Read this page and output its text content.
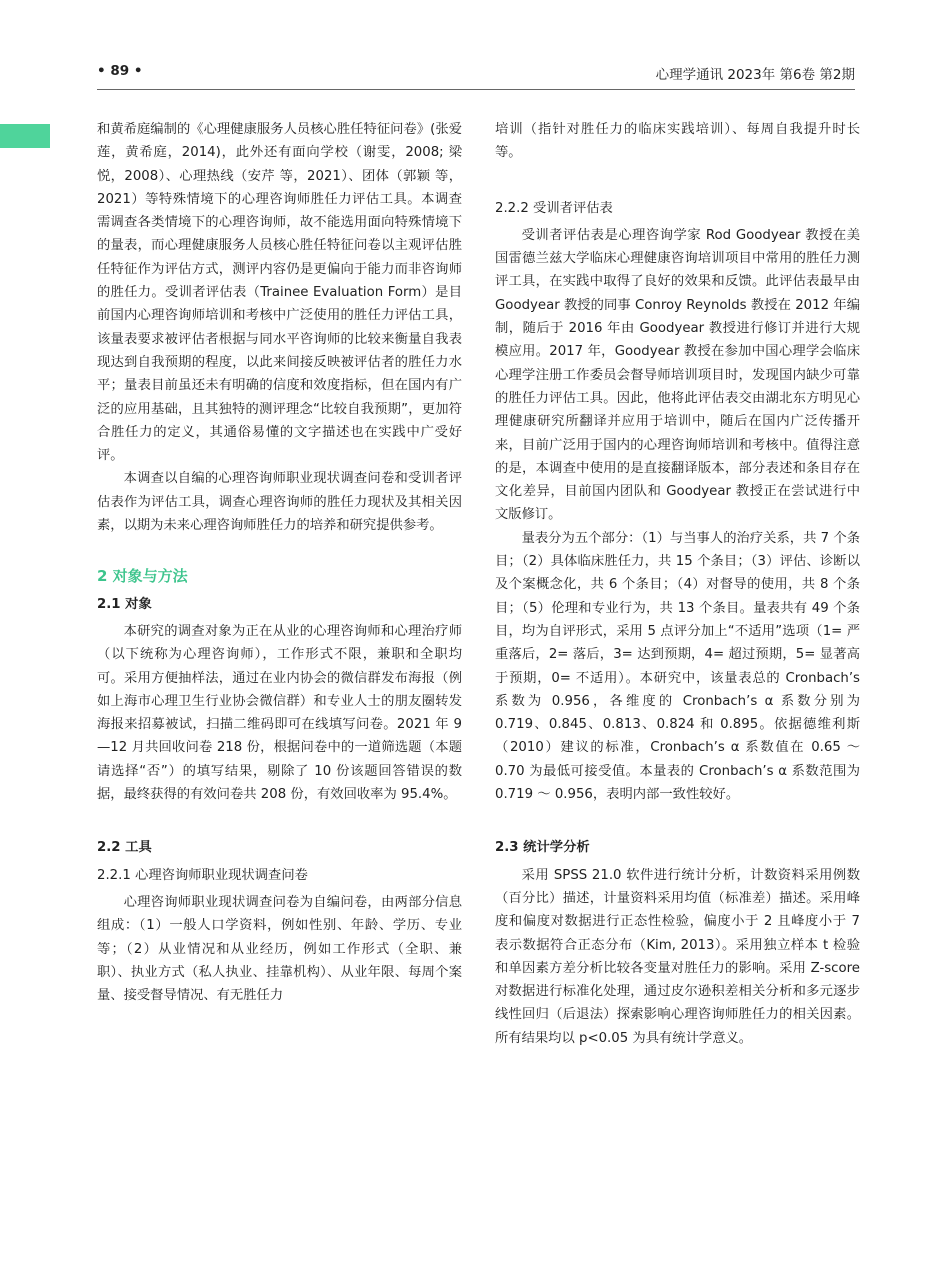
• 89 •	心理学通讯 2023年 第6卷 第2期

和黄希庭编制的《心理健康服务人员核心胜任特征问卷》(张爱莲，黄希庭，2014)，此外还有面向学校（谢雯，2008; 梁悦，2008）、心理热线（安芹 等，2021）、团体（郭颖 等，2021）等特殊情境下的心理咨询师胜任力评估工具。本调查需调查各类情境下的心理咨询师，故不能选用面向特殊情境下的量表，而心理健康服务人员核心胜任特征问卷以主观评估胜任特征作为评估方式，测评内容仍是更偏向于能力而非咨询师的胜任力。受训者评估表（Trainee Evaluation Form）是目前国内心理咨询师培训和考核中广泛使用的胜任力评估工具，该量表要求被评估者根据与同水平咨询师的比较来衡量自我表现达到自我预期的程度，以此来间接反映被评估者的胜任力水平；量表目前虽还未有明确的信度和效度指标，但在国内有广泛的应用基础，且其独特的测评理念“比较自我预期”，更加符合胜任力的定义，其通俗易懂的文字描述也在实践中广受好评。

本调查以自编的心理咨询师职业现状调查问卷和受训者评估表作为评估工具，调查心理咨询师的胜任力现状及其相关因素，以期为未来心理咨询师胜任力的培养和研究提供参考。

2 对象与方法
2.1 对象

本研究的调查对象为正在从业的心理咨询师和心理治疗师（以下统称为心理咨询师），工作形式不限，兼职和全职均可。采用方便抽样法，通过在业内协会的微信群发布海报（例如上海市心理卫生行业协会微信群）和专业人士的朋友圈转发海报来招募被试，扫描二维码即可在线填写问卷。2021 年 9—12 月共回收问卷 218 份，根据问卷中的一道筛选题（本题请选择“否”）的填写结果，剔除了 10 份该题回答错误的数据，最终获得的有效问卷共 208 份，有效回收率为 95.4%。

2.2 工具
2.2.1 心理咨询师职业现状调查问卷

心理咨询师职业现状调查问卷为自编问卷，由两部分信息组成：（1）一般人口学资料，例如性别、年龄、学历、专业等；（2）从业情况和从业经历，例如工作形式（全职、兼职）、执业方式（私人执业、挂靠机构）、从业年限、每周个案量、接受督导情况、有无胜任力

培训（指针对胜任力的临床实践培训）、每周自我提升时长等。

2.2.2 受训者评估表

受训者评估表是心理咨询学家 Rod Goodyear 教授在美国雷德兰兹大学临床心理健康咨询培训项目中常用的胜任力测评工具，在实践中取得了良好的效果和反馈。此评估表最早由 Goodyear 教授的同事 Conroy Reynolds 教授在 2012 年编制，随后于 2016 年由 Goodyear 教授进行修订并进行大规模应用。2017 年，Goodyear 教授在参加中国心理学会临床心理学注册工作委员会督导师培训项目时，发现国内缺少可靠的胜任力评估工具。因此，他将此评估表交由湖北东方明见心理健康研究所翻译并应用于培训中，随后在国内广泛传播开来，目前广泛用于国内的心理咨询师培训和考核中。值得注意的是，本调查中使用的是直接翻译版本，部分表述和条目存在文化差异，目前国内团队和 Goodyear 教授正在尝试进行中文版修订。

量表分为五个部分：（1）与当事人的治疗关系，共 7 个条目；（2）具体临床胜任力，共 15 个条目；（3）评估、诊断以及个案概念化，共 6 个条目；（4）对督导的使用，共 8 个条目；（5）伦理和专业行为，共 13 个条目。量表共有 49 个条目，均为自评形式，采用 5 点评分加上“不适用”选项（1= 严重落后，2= 落后，3= 达到预期，4= 超过预期，5= 显著高于预期，0= 不适用）。本研究中，该量表总的 Cronbach’s 系数为 0.956，各维度的 Cronbach’s α 系数分别为 0.719、0.845、0.813、0.824 和 0.895。依据德维利斯（2010）建议的标准，Cronbach’s α 系数值在 0.65 ～ 0.70 为最低可接受值。本量表的 Cronbach’s α 系数范围为 0.719 ～ 0.956，表明内部一致性较好。

2.3 统计学分析

采用 SPSS 21.0 软件进行统计分析，计数资料采用例数（百分比）描述，计量资料采用均值（标准差）描述。采用峰度和偏度对数据进行正态性检验，偏度小于 2 且峰度小于 7 表示数据符合正态分布（Kim, 2013）。采用独立样本 t 检验和单因素方差分析比较各变量对胜任力的影响。采用 Z-score 对数据进行标准化处理，通过皮尔逊积差相关分析和多元逐步线性回归（后退法）探索影响心理咨询师胜任力的相关因素。所有结果均以 p<0.05 为具有统计学意义。
